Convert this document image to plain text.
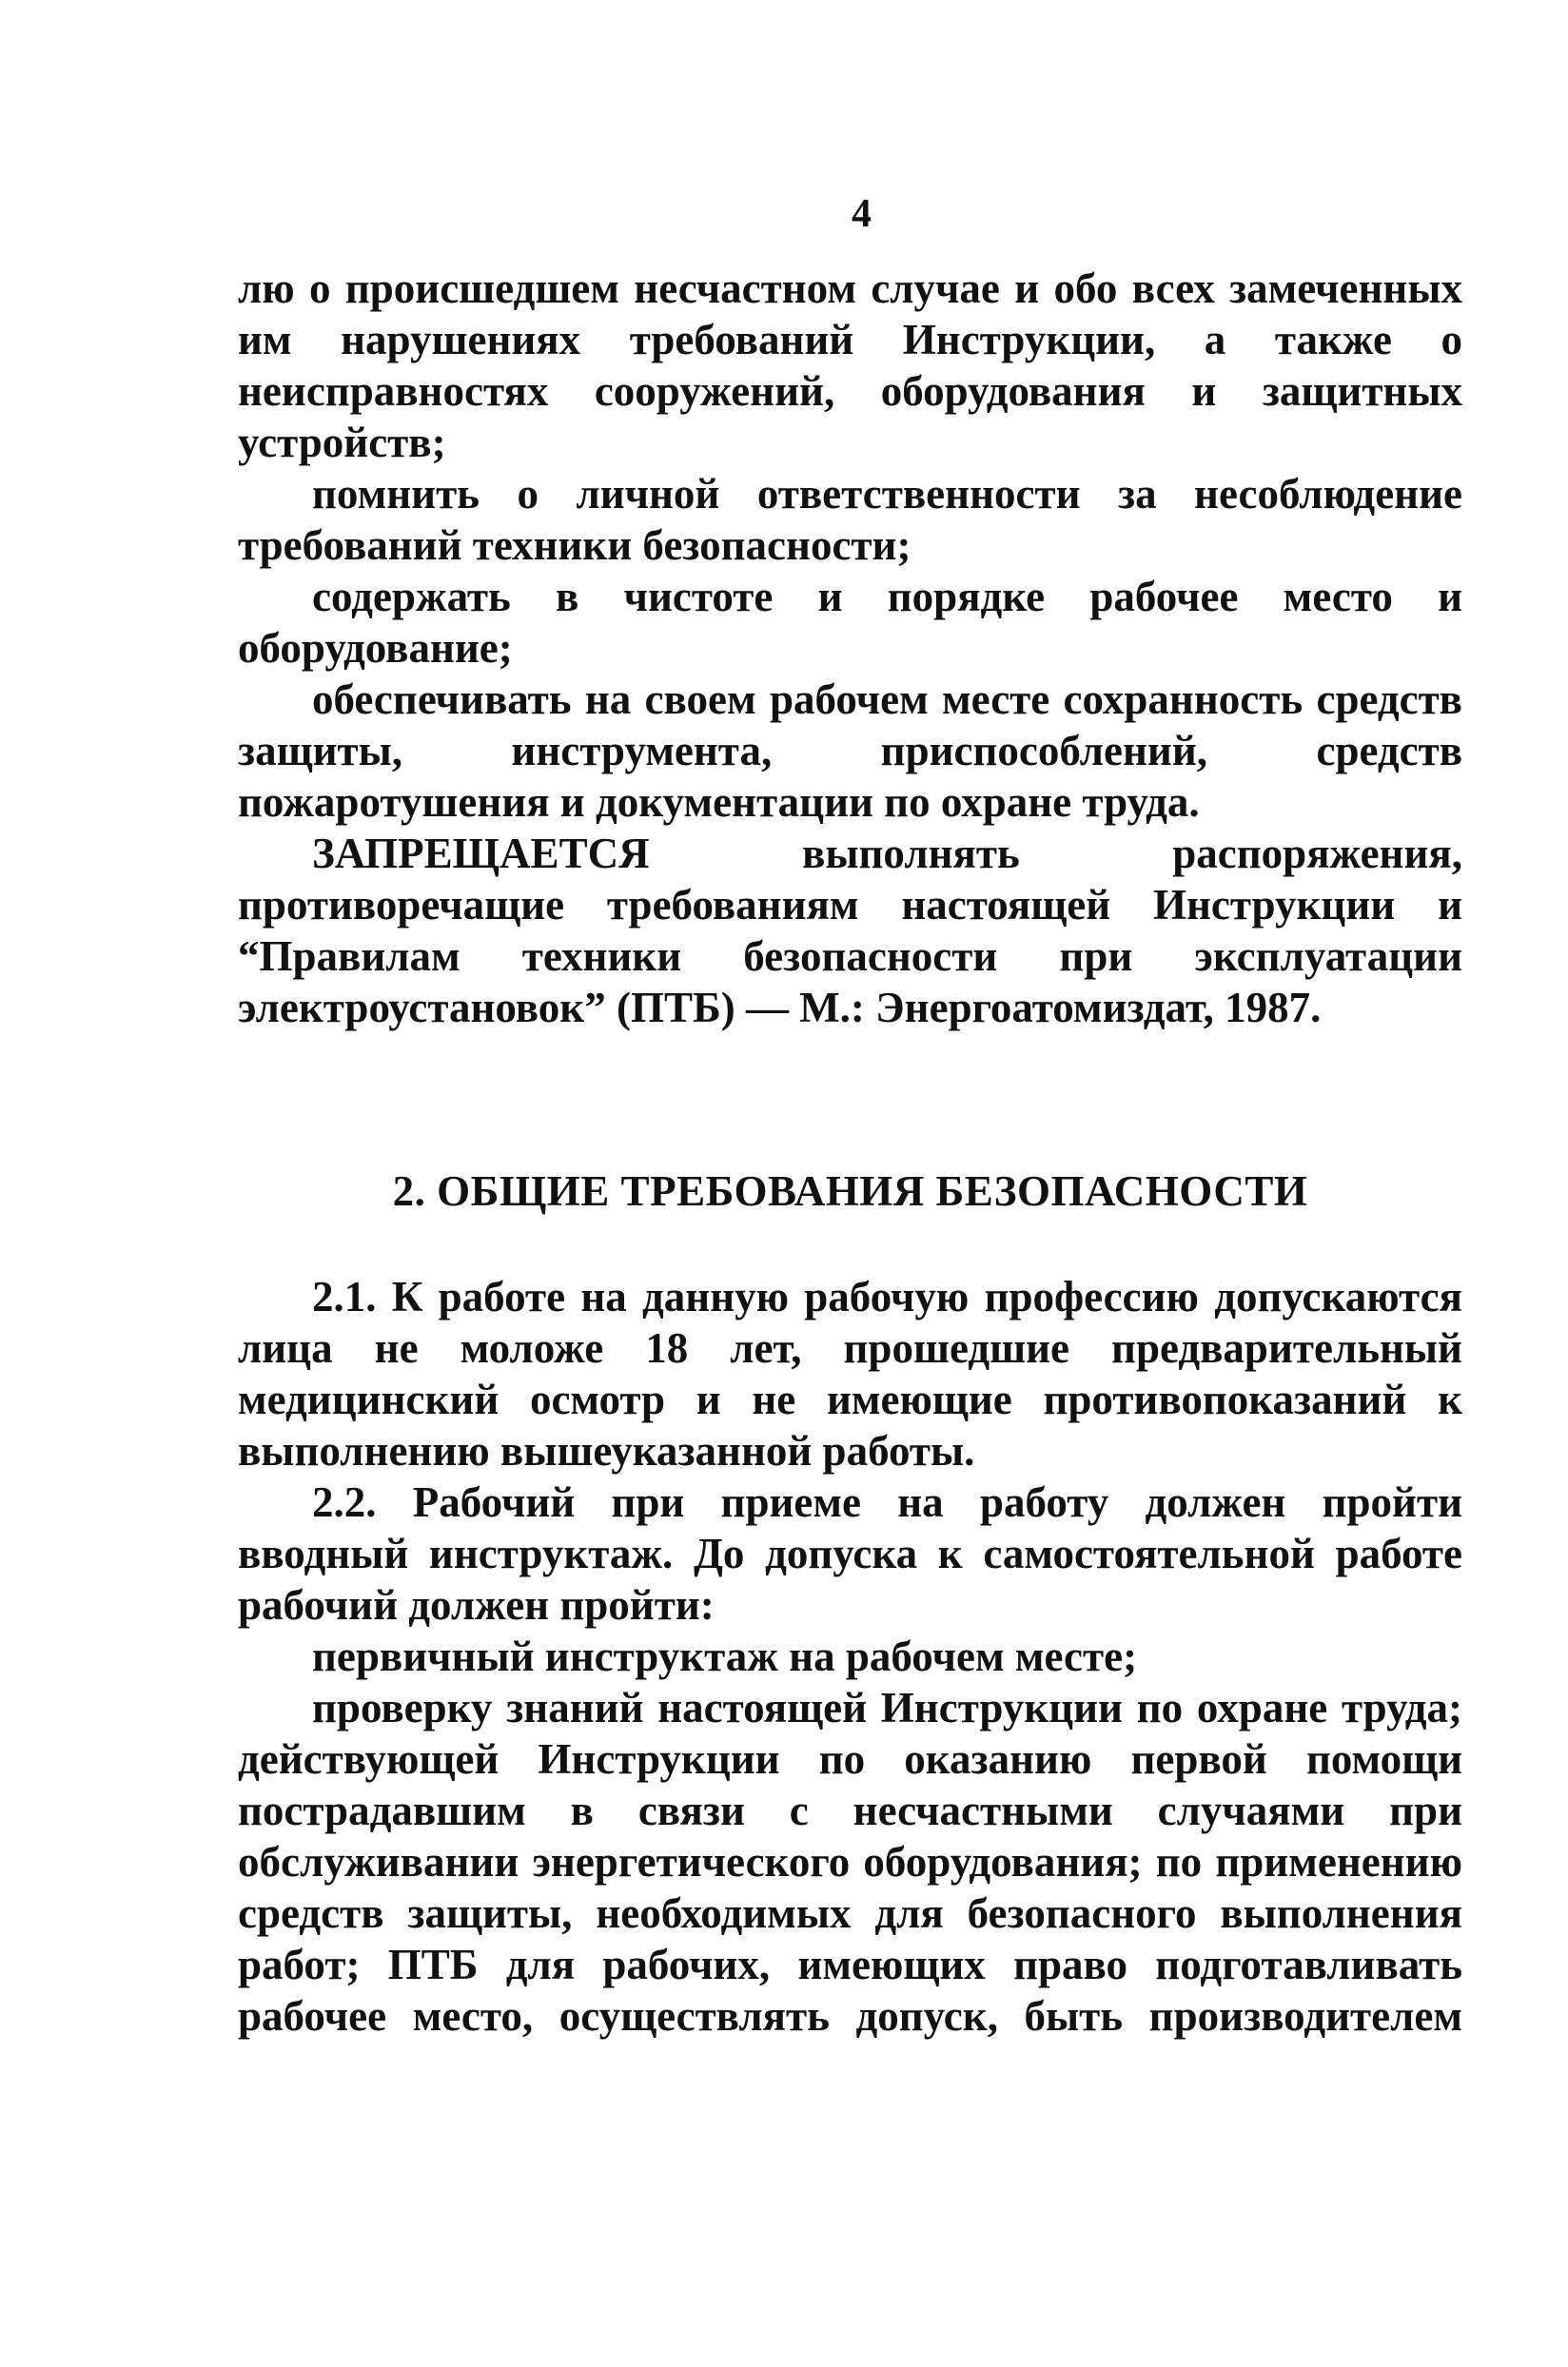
4

лю о происшедшем несчастном случае и обо всех замеченных им нарушениях требований Инструкции, а также о неисправностях сооружений, оборудования и защитных устройств;

помнить о личной ответственности за несоблюдение требований техники безопасности;

содержать в чистоте и порядке рабочее место и оборудование;

обеспечивать на своем рабочем месте сохранность средств защиты, инструмента, приспособлений, средств пожаротушения и документации по охране труда.

ЗАПРЕЩАЕТСЯ выполнять распоряжения, противоречащие требованиям настоящей Инструкции и “Правилам техники безопасности при эксплуатации электроустановок” (ПТБ) — М.: Энергоатомиздат, 1987.

2. ОБЩИЕ ТРЕБОВАНИЯ БЕЗОПАСНОСТИ

2.1. К работе на данную рабочую профессию допускаются лица не моложе 18 лет, прошедшие предварительный медицинский осмотр и не имеющие противопоказаний к выполнению вышеуказанной работы.

2.2. Рабочий при приеме на работу должен пройти вводный инструктаж. До допуска к самостоятельной работе рабочий должен пройти:

первичный инструктаж на рабочем месте;

проверку знаний настоящей Инструкции по охране труда; действующей Инструкции по оказанию первой помощи пострадавшим в связи с несчастными случаями при обслуживании энергетического оборудования; по применению средств защиты, необходимых для безопасного выполнения работ; ПТБ для рабочих, имеющих право подготавливать рабочее место, осуществлять допуск, быть производителем
